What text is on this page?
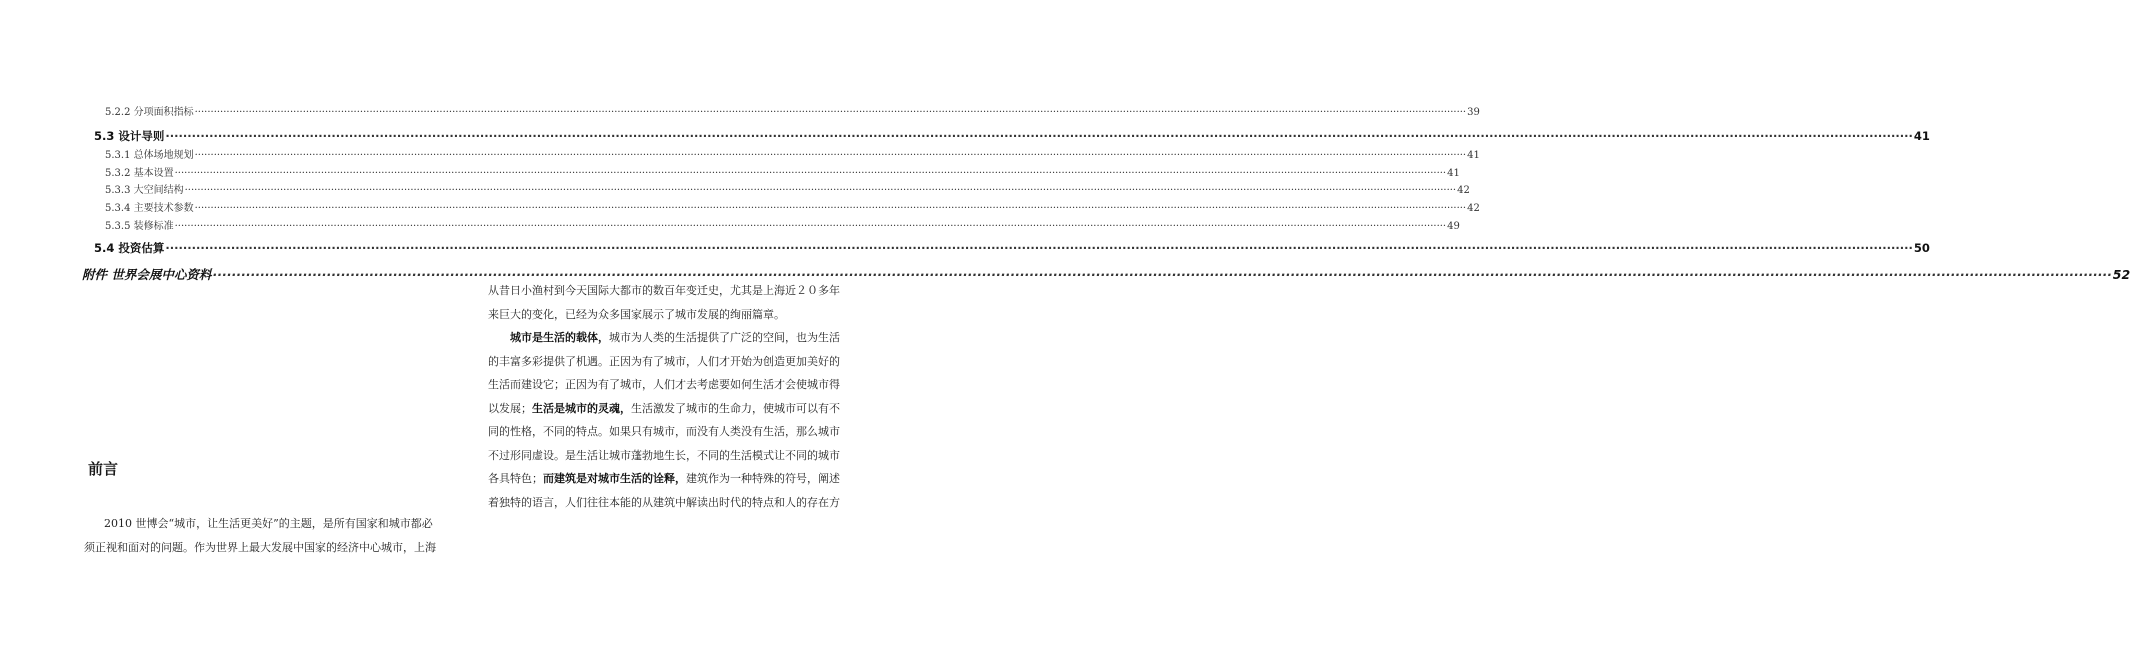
5.2.2 分项面积指标 ················································································································································································································································································································································································································ 39
5.3 设计导则 ················································································································································································································································································································································································································ 41
5.3.1 总体场地规划 ················································································································································································································································································································································································································ 41
5.3.2 基本设置 ················································································································································································································································································································································································································ 41
5.3.3 大空间结构 ················································································································································································································································································································································································································ 42
5.3.4 主要技术参数 ················································································································································································································································································································································································································ 42
5.3.5 装修标准 ················································································································································································································································································································································································································ 49
5.4 投资估算 ················································································································································································································································································································································································································ 50
附件 世界会展中心资料 ················································································································································································································································································································································································································ 52
前言
2010 世博会“城市，让生活更美好”的主题，是所有国家和城市都必
须正视和面对的问题。作为世界上最大发展中国家的经济中心城市，上海
从昔日小渔村到今天国际大都市的数百年变迁史，尤其是上海近２０多年
来巨大的变化，已经为众多国家展示了城市发展的绚丽篇章。
城市是生活的载体，城市为人类的生活提供了广泛的空间，也为生活
的丰富多彩提供了机遇。正因为有了城市，人们才开始为创造更加美好的
生活而建设它；正因为有了城市，人们才去考虑要如何生活才会使城市得
以发展；生活是城市的灵魂，生活激发了城市的生命力，使城市可以有不
同的性格，不同的特点。如果只有城市，而没有人类没有生活，那么城市
不过形同虚设。是生活让城市蓬勃地生长，不同的生活模式让不同的城市
各具特色；而建筑是对城市生活的诠释，建筑作为一种特殊的符号，阐述
着独特的语言，人们往往本能的从建筑中解读出时代的特点和人的存在方
